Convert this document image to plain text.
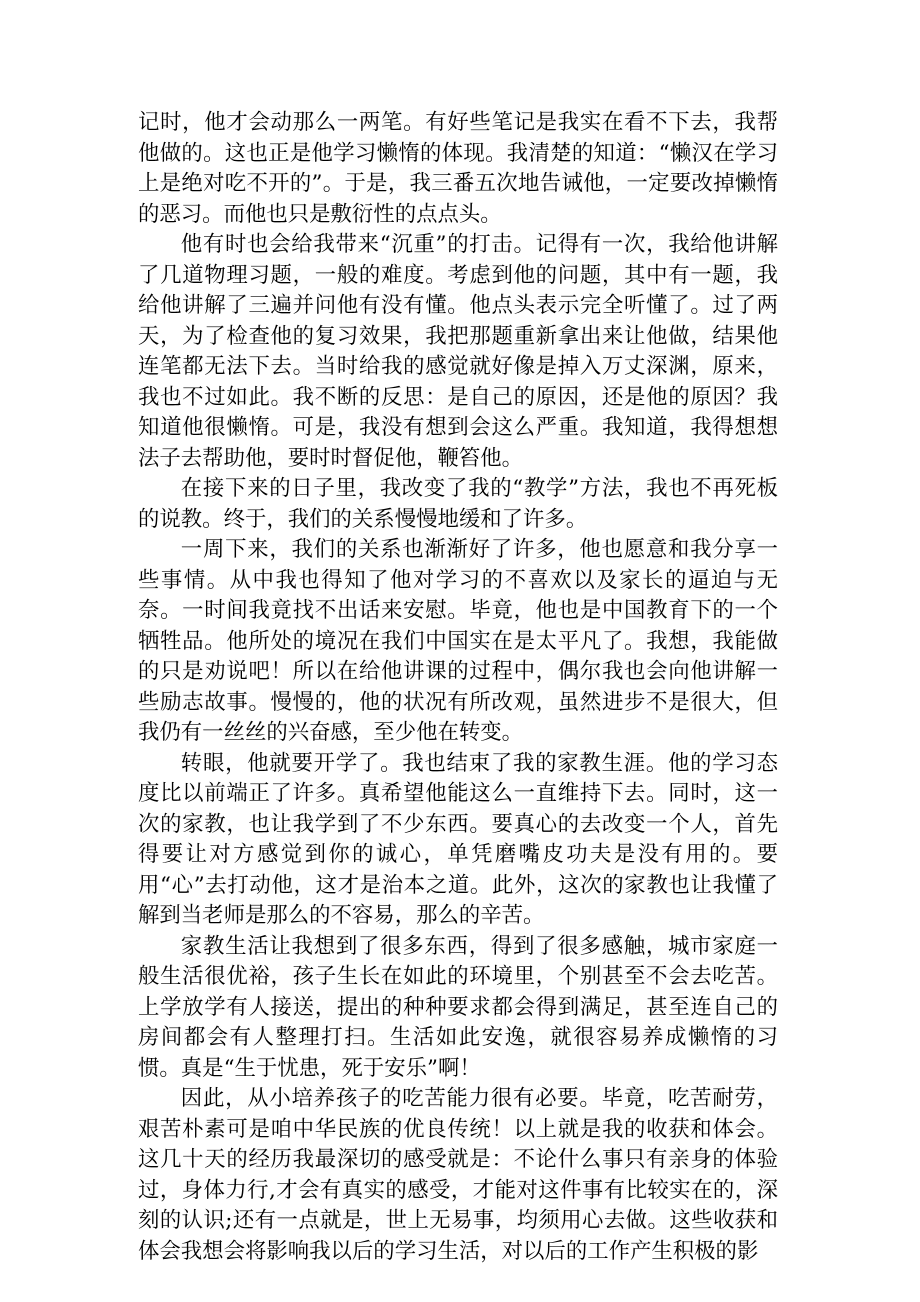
记时，他才会动那么一两笔。有好些笔记是我实在看不下去，我帮他做的。这也正是他学习懒惰的体现。我清楚的知道：“懒汉在学习上是绝对吃不开的”。于是，我三番五次地告诫他，一定要改掉懒惰的恶习。而他也只是敷衍性的点点头。

他有时也会给我带来“沉重”的打击。记得有一次，我给他讲解了几道物理习题，一般的难度。考虑到他的问题，其中有一题，我给他讲解了三遍并问他有没有懂。他点头表示完全听懂了。过了两天，为了检查他的复习效果，我把那题重新拿出来让他做，结果他连笔都无法下去。当时给我的感觉就好像是掉入万丈深渊，原来，我也不过如此。我不断的反思：是自己的原因，还是他的原因？我知道他很懒惰。可是，我没有想到会这么严重。我知道，我得想想法子去帮助他，要时时督促他，鞭笞他。

在接下来的日子里，我改变了我的“教学”方法，我也不再死板的说教。终于，我们的关系慢慢地缓和了许多。

一周下来，我们的关系也渐渐好了许多，他也愿意和我分享一些事情。从中我也得知了他对学习的不喜欢以及家长的逼迫与无奈。一时间我竟找不出话来安慰。毕竟，他也是中国教育下的一个牺牲品。他所处的境况在我们中国实在是太平凡了。我想，我能做的只是劝说吧！所以在给他讲课的过程中，偶尔我也会向他讲解一些励志故事。慢慢的，他的状况有所改观，虽然进步不是很大，但我仍有一丝丝的兴奋感，至少他在转变。

转眼，他就要开学了。我也结束了我的家教生涯。他的学习态度比以前端正了许多。真希望他能这么一直维持下去。同时，这一次的家教，也让我学到了不少东西。要真心的去改变一个人，首先得要让对方感觉到你的诚心，单凭磨嘴皮功夫是没有用的。要用“心”去打动他，这才是治本之道。此外，这次的家教也让我懂了解到当老师是那么的不容易，那么的辛苦。

家教生活让我想到了很多东西，得到了很多感触，城市家庭一般生活很优裕，孩子生长在如此的环境里，个别甚至不会去吃苦。上学放学有人接送，提出的种种要求都会得到满足，甚至连自己的房间都会有人整理打扫。生活如此安逸，就很容易养成懒惰的习惯。真是“生于忧患，死于安乐”啊！

因此，从小培养孩子的吃苦能力很有必要。毕竟，吃苦耐劳，艰苦朴素可是咱中华民族的优良传统！以上就是我的收获和体会。这几十天的经历我最深切的感受就是：不论什么事只有亲身的体验过，身体力行,才会有真实的感受，才能对这件事有比较实在的，深刻的认识;还有一点就是，世上无易事，均须用心去做。这些收获和体会我想会将影响我以后的学习生活，对以后的工作产生积极的影
